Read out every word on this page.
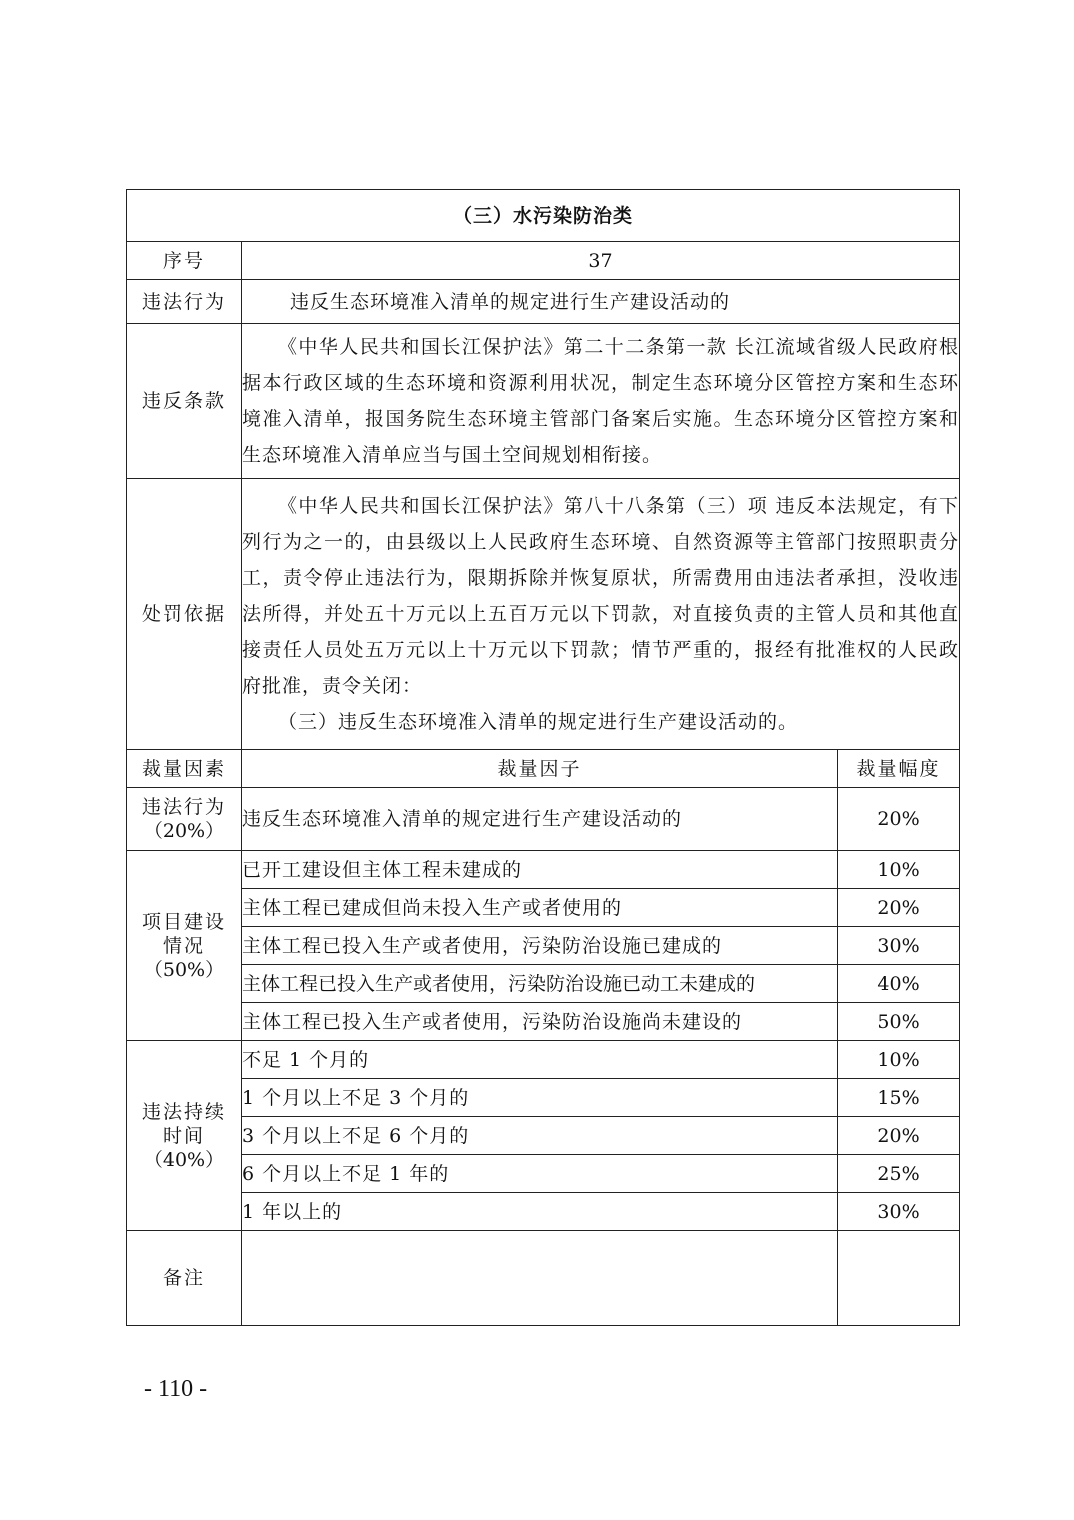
（三）水污染防治类		
序号	37	
违法行为	违反生态环境准入清单的规定进行生产建设活动的	
违反条款	《中华人民共和国长江保护法》第二十二条第一款 长江流域省级人民政府根据本行政区域的生态环境和资源利用状况，制定生态环境分区管控方案和生态环境准入清单，报国务院生态环境主管部门备案后实施。生态环境分区管控方案和生态环境准入清单应当与国土空间规划相衔接。	

处罚依据	《中华人民共和国长江保护法》第八十八条第（三）项 违反本法规定，有下列行为之一的，由县级以上人民政府生态环境、自然资源等主管部门按照职责分工，责令停止违法行为，限期拆除并恢复原状，所需费用由违法者承担，没收违法所得，并处五十万元以上五百万元以下罚款，对直接负责的主管人员和其他直接责任人员处五万元以上十万元以下罚款；情节严重的，报经有批准权的人民政府批准，责令关闭：

（三）违反生态环境准入清单的规定进行生产建设活动的。	

裁量因素	裁量因子	裁量幅度

违法行为
（20%）	违反生态环境准入清单的规定进行生产建设活动的	20%

项目建设
情况
（50%）	已开工建设但主体工程未建成的	10%
	主体工程已建成但尚未投入生产或者使用的	20%
	主体工程已投入生产或者使用，污染防治设施已建成的	30%
	主体工程已投入生产或者使用，污染防治设施已动工未建成的	40%
	主体工程已投入生产或者使用，污染防治设施尚未建设的	50%

违法持续
时间
（40%）	不足 1 个月的	10%
	1 个月以上不足 3 个月的	15%
	3 个月以上不足 6 个月的	20%
	6 个月以上不足 1 年的	25%
	1 年以上的	30%
备注		
- 110 -
